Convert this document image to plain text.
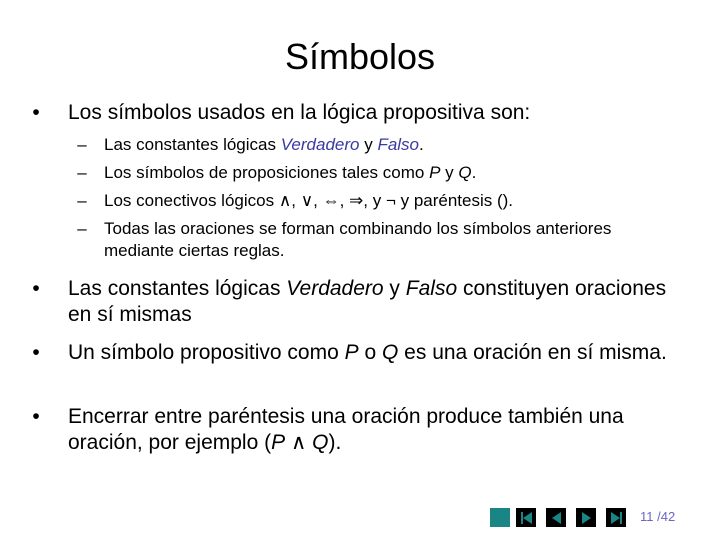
Símbolos
• Los símbolos usados en la lógica propositiva son:
–	Las constantes lógicas Verdadero y Falso.
–	Los símbolos de proposiciones tales como P y Q.
–	Los conectivos lógicos ∧, ∨, ⇔, ⇒, y ¬ y paréntesis ().
–	Todas las oraciones se forman combinando los símbolos anteriores mediante ciertas reglas.
• Las constantes lógicas Verdadero y Falso constituyen oraciones en sí mismas
• Un símbolo propositivo como P o Q es una oración en sí misma.
• Encerrar entre paréntesis una oración produce también una oración, por ejemplo (P ∧ Q).
11 /42
